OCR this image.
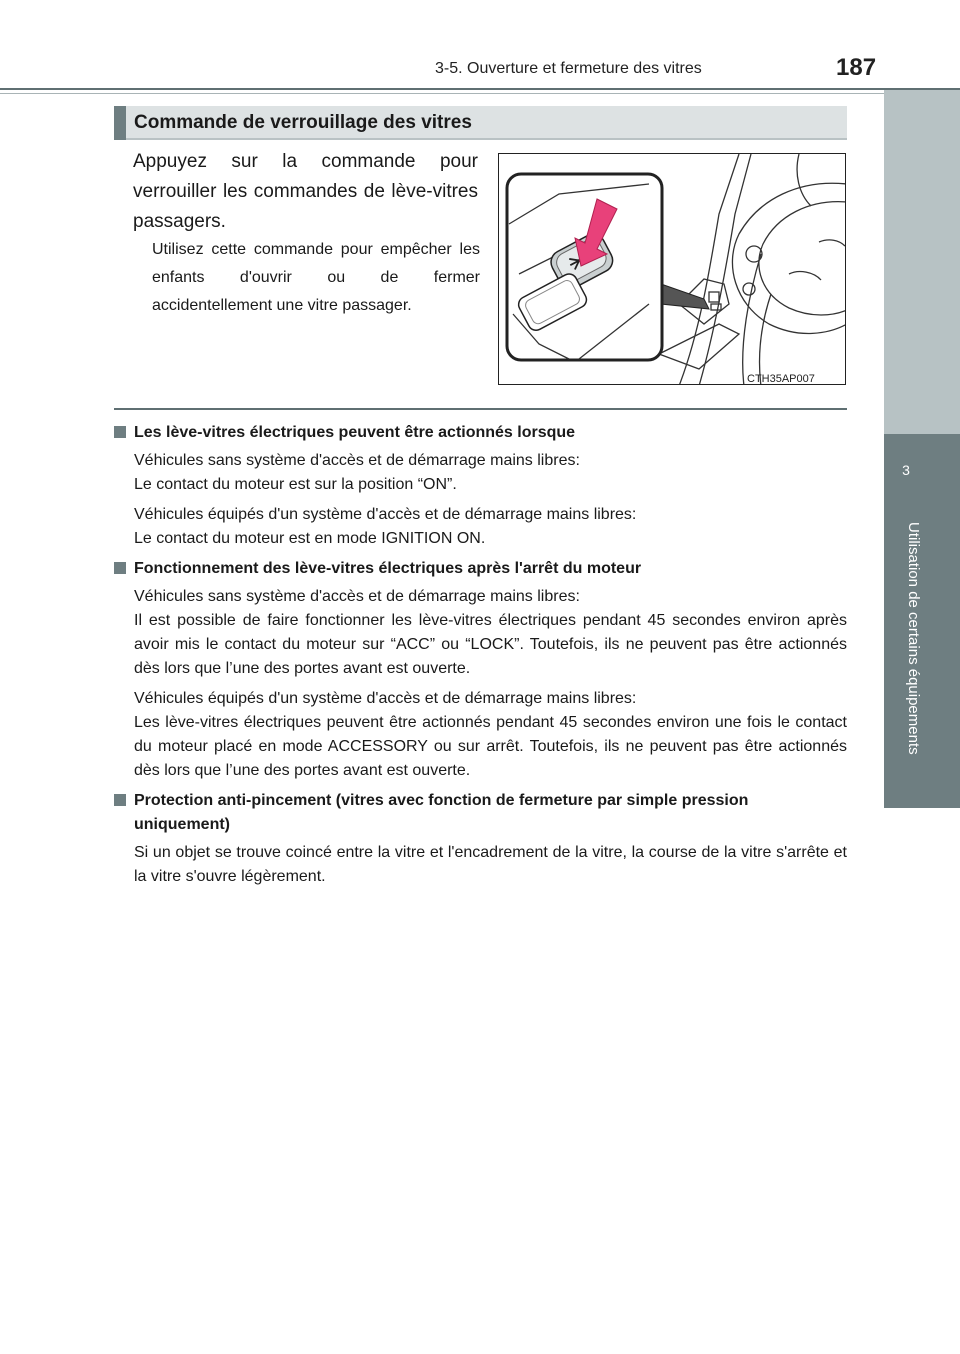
3-5. Ouverture et fermeture des vitres	187
3
Utilisation de certains équipements
Commande de verrouillage des vitres
Appuyez sur la commande pour verrouiller les commandes de lève-vitres passagers.
Utilisez cette commande pour empêcher les enfants d'ouvrir ou de fermer accidentellement une vitre passager.
CTH35AP007
Les lève-vitres électriques peuvent être actionnés lorsque
Véhicules sans système d'accès et de démarrage mains libres:
Le contact du moteur est sur la position “ON”.
Véhicules équipés d'un système d'accès et de démarrage mains libres:
Le contact du moteur est en mode IGNITION ON.
Fonctionnement des lève-vitres électriques après l'arrêt du moteur
Véhicules sans système d'accès et de démarrage mains libres:
Il est possible de faire fonctionner les lève-vitres électriques pendant 45 secondes environ après avoir mis le contact du moteur sur “ACC” ou “LOCK”. Toutefois, ils ne peuvent pas être actionnés dès lors que l’une des portes avant est ouverte.
Véhicules équipés d'un système d'accès et de démarrage mains libres:
Les lève-vitres électriques peuvent être actionnés pendant 45 secondes environ une fois le contact du moteur placé en mode ACCESSORY ou sur arrêt. Toutefois, ils ne peuvent pas être actionnés dès lors que l’une des portes avant est ouverte.
Protection anti-pincement (vitres avec fonction de fermeture par simple pression uniquement)
Si un objet se trouve coincé entre la vitre et l'encadrement de la vitre, la course de la vitre s'arrête et la vitre s'ouvre légèrement.
